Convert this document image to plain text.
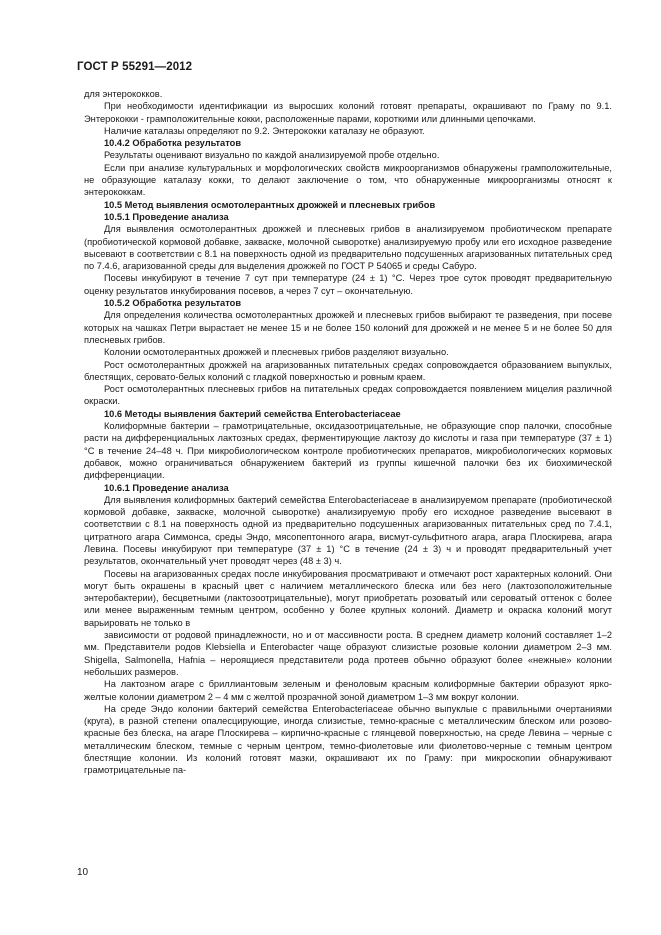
ГОСТ Р 55291—2012

для энтерококков.

При необходимости идентификации из выросших колоний готовят препараты, окрашивают по Граму по 9.1. Энтерококки - грамположительные кокки, расположенные парами, короткими или длинными цепочками.

Наличие каталазы определяют по 9.2. Энтерококки каталазу не образуют.

10.4.2 Обработка результатов

Результаты оценивают визуально по каждой анализируемой пробе отдельно.

Если при анализе культуральных и морфологических свойств микроорганизмов обнаружены грамположительные, не образующие каталазу кокки, то делают заключение о том, что обнаруженные микроорганизмы относят к энтерококкам.

10.5 Метод выявления осмотолерантных дрожжей и плесневых грибов

10.5.1 Проведение анализа

Для выявления осмотолерантных дрожжей и плесневых грибов в анализируемом пробиотическом препарате (пробиотической кормовой добавке, закваске, молочной сыворотке) анализируемую пробу или его исходное разведение высевают в соответствии с 8.1 на поверхность одной из предварительно подсушенных агаризованных питательных сред по 7.4.6, агаризованной среды для выделения дрожжей по ГОСТ Р 54065 и среды Сабуро.

Посевы инкубируют в течение 7 сут при температуре (24 ± 1) °С. Через трое суток проводят предварительную оценку результатов инкубирования посевов, а через 7 сут – окончательную.

10.5.2 Обработка результатов

Для определения количества осмотолерантных дрожжей и плесневых грибов выбирают те разведения, при посеве которых на чашках Петри вырастает не менее 15 и не более 150 колоний для дрожжей и не менее 5 и не более 50 для плесневых грибов.

Колонии осмотолерантных дрожжей и плесневых грибов разделяют визуально.

Рост осмотолерантных дрожжей на агаризованных питательных средах сопровождается образованием выпуклых, блестящих, серовато-белых колоний с гладкой поверхностью и ровным краем.

Рост осмотолерантных плесневых грибов на питательных средах сопровождается появлением мицелия различной окраски.

10.6 Методы выявления бактерий семейства Enterobacteriaceae

Колиформные бактерии – грамотрицательные, оксидазоотрицательные, не образующие спор палочки, способные расти на дифференциальных лактозных средах, ферментирующие лактозу до кислоты и газа при температуре (37 ± 1) °С в течение 24–48 ч. При микробиологическом контроле пробиотических препаратов, микробиологических кормовых добавок, можно ограничиваться обнаружением бактерий из группы кишечной палочки без их биохимической дифференциации.

10.6.1 Проведение анализа

Для выявления колиформных бактерий семейства Enterobacteriaceae в анализируемом препарате (пробиотической кормовой добавке, закваске, молочной сыворотке) анализируемую пробу его исходное разведение высевают в соответствии с 8.1 на поверхность одной из предварительно подсушенных агаризованных питательных сред по 7.4.1, цитратного агара Симмонса, среды Эндо, мясопептонного агара, висмут-сульфитного агара, агара Плоскирева, агара Левина. Посевы инкубируют при температуре (37 ± 1) °С в течение (24 ± 3) ч и проводят предварительный учет результатов, окончательный учет проводят через (48 ± 3) ч.

Посевы на агаризованных средах после инкубирования просматривают и отмечают рост характерных колоний. Они могут быть окрашены в красный цвет с наличием металлического блеска или без него (лактозоположительные энтеробактерии), бесцветными (лактозоотрицательные), могут приобретать розоватый или сероватый оттенок с более или менее выраженным темным центром, особенно у более крупных колоний. Диаметр и окраска колоний могут варьировать не только в

зависимости от родовой принадлежности, но и от массивности роста. В среднем диаметр колоний составляет 1–2 мм. Представители родов Klebsiella и Enterobacter чаще образуют слизистые розовые колонии диаметром 2–3 мм. Shigella, Salmonella, Hafnia – нероящиеся представители рода протеев обычно образуют более «нежные» колонии небольших размеров.

На лактозном агаре с бриллиантовым зеленым и феноловым красным колиформные бактерии образуют ярко-желтые колонии диаметром 2 – 4 мм с желтой прозрачной зоной диаметром 1–3 мм вокруг колонии.

На среде Эндо колонии бактерий семейства Enterobacteriaceae обычно выпуклые с правильными очертаниями (круга), в разной степени опалесцирующие, иногда слизистые, темно-красные с металлическим блеском или розово-красные без блеска, на агаре Плоскирева – кирпично-красные с глянцевой поверхностью, на среде Левина – черные с металлическим блеском, темные с черным центром, темно-фиолетовые или фиолетово-черные с темным центром блестящие колонии. Из колоний готовят мазки, окрашивают их по Граму: при микроскопии обнаруживают грамотрицательные па-

10
